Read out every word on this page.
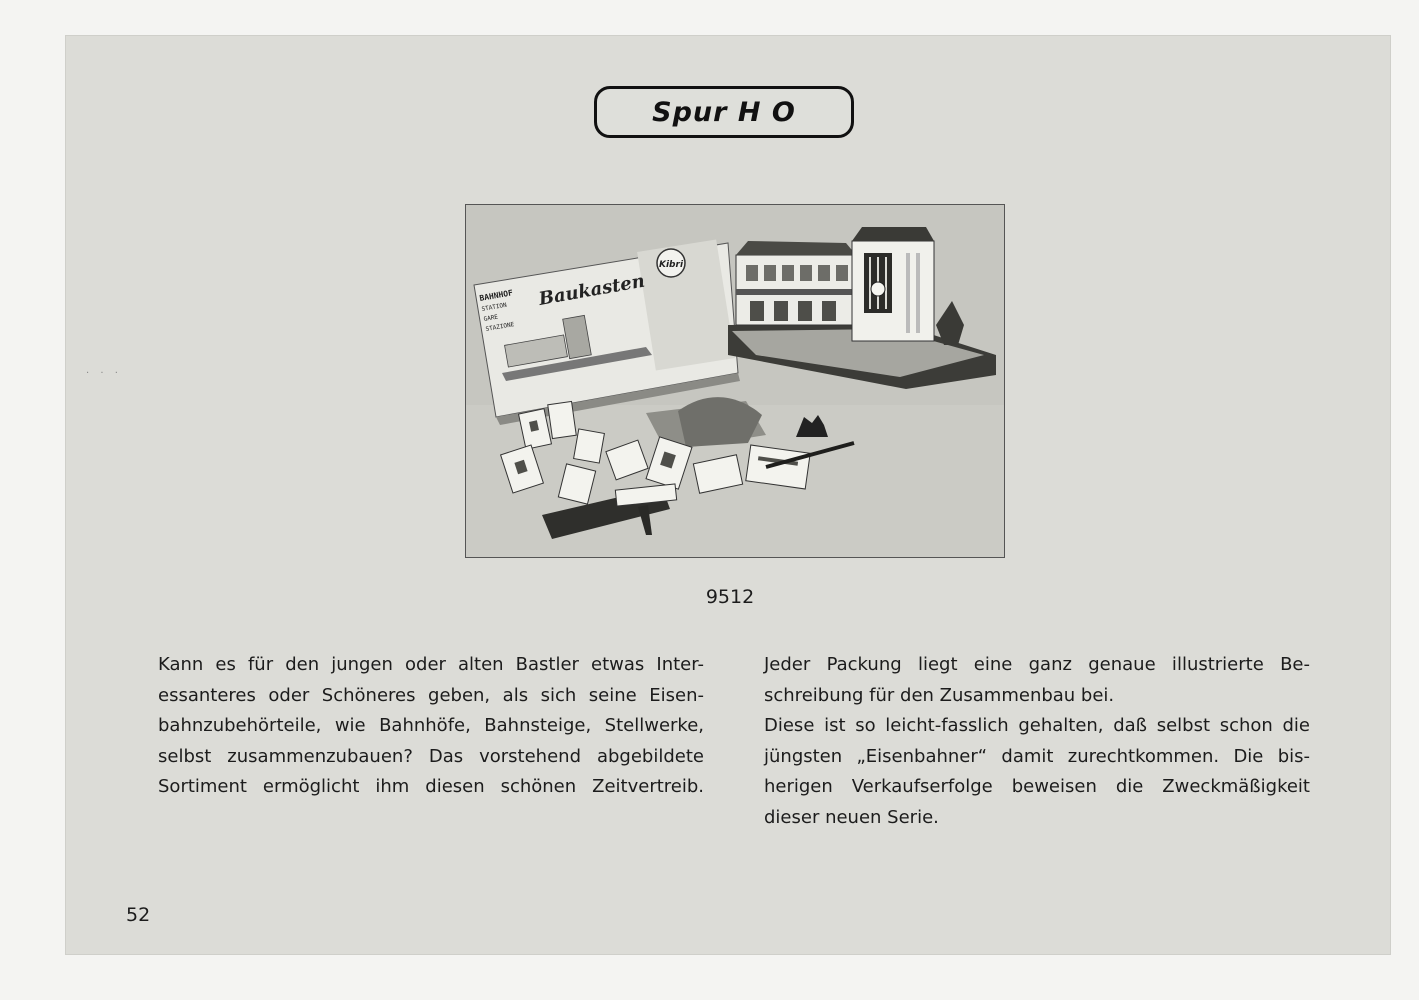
· · ·
Spur H O
Kibri
Baukasten
BAHNHOF
STATION
GARE
STAZIONE
9512

Kann es für den jungen oder alten Bastler etwas Inter-
essanteres oder Schöneres geben, als sich seine Eisen-
bahnzubehörteile, wie Bahnhöfe, Bahnsteige, Stellwerke,
selbst zusammenzubauen? Das vorstehend abgebildete
Sortiment ermöglicht ihm diesen schönen Zeitvertreib.

Jeder Packung liegt eine ganz genaue illustrierte Be-
schreibung für den Zusammenbau bei.

Diese ist so leicht-fasslich gehalten, daß selbst schon die
jüngsten „Eisenbahner“ damit zurechtkommen. Die bis-
herigen Verkaufserfolge beweisen die Zweckmäßigkeit
dieser neuen Serie.

52
